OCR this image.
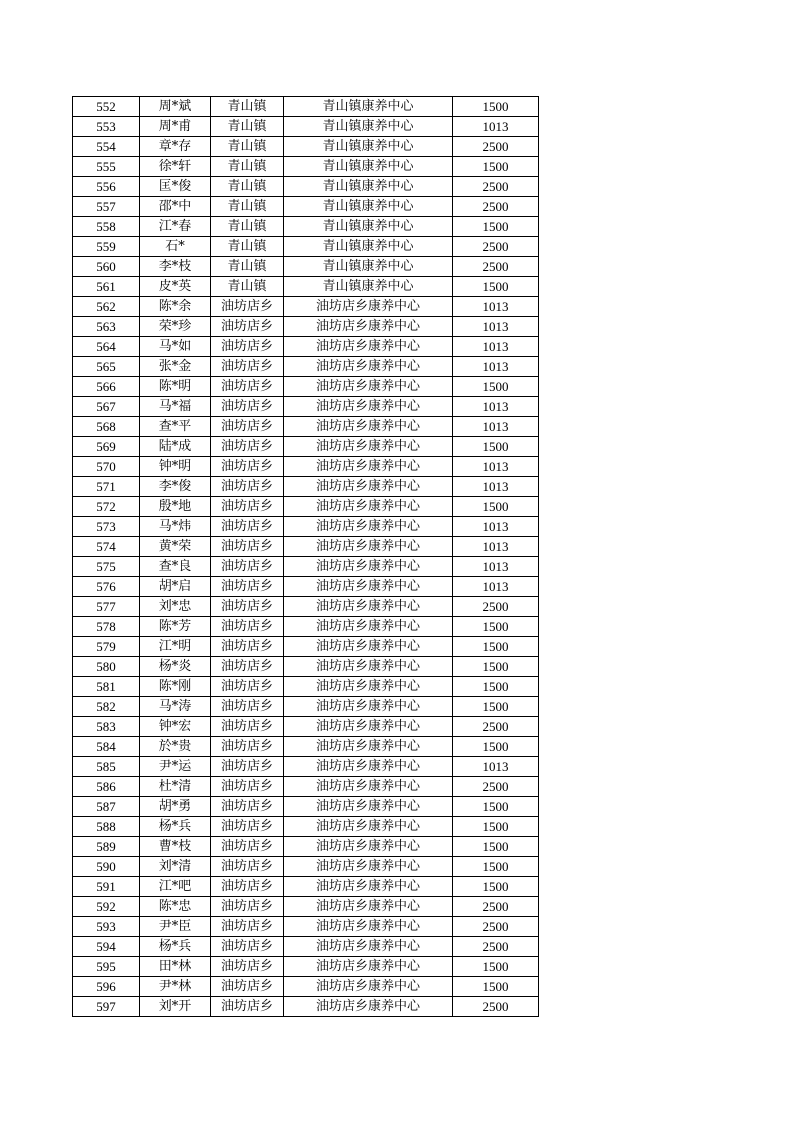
552	周*斌	青山镇	青山镇康养中心	1500
553	周*甫	青山镇	青山镇康养中心	1013
554	章*存	青山镇	青山镇康养中心	2500
555	徐*轩	青山镇	青山镇康养中心	1500
556	匡*俊	青山镇	青山镇康养中心	2500
557	邵*中	青山镇	青山镇康养中心	2500
558	江*春	青山镇	青山镇康养中心	1500
559	石*	青山镇	青山镇康养中心	2500
560	李*枝	青山镇	青山镇康养中心	2500
561	皮*英	青山镇	青山镇康养中心	1500
562	陈*余	油坊店乡	油坊店乡康养中心	1013
563	荣*珍	油坊店乡	油坊店乡康养中心	1013
564	马*如	油坊店乡	油坊店乡康养中心	1013
565	张*金	油坊店乡	油坊店乡康养中心	1013
566	陈*明	油坊店乡	油坊店乡康养中心	1500
567	马*福	油坊店乡	油坊店乡康养中心	1013
568	查*平	油坊店乡	油坊店乡康养中心	1013
569	陆*成	油坊店乡	油坊店乡康养中心	1500
570	钟*明	油坊店乡	油坊店乡康养中心	1013
571	李*俊	油坊店乡	油坊店乡康养中心	1013
572	殷*地	油坊店乡	油坊店乡康养中心	1500
573	马*炜	油坊店乡	油坊店乡康养中心	1013
574	黄*荣	油坊店乡	油坊店乡康养中心	1013
575	查*良	油坊店乡	油坊店乡康养中心	1013
576	胡*启	油坊店乡	油坊店乡康养中心	1013
577	刘*忠	油坊店乡	油坊店乡康养中心	2500
578	陈*芳	油坊店乡	油坊店乡康养中心	1500
579	江*明	油坊店乡	油坊店乡康养中心	1500
580	杨*炎	油坊店乡	油坊店乡康养中心	1500
581	陈*刚	油坊店乡	油坊店乡康养中心	1500
582	马*涛	油坊店乡	油坊店乡康养中心	1500
583	钟*宏	油坊店乡	油坊店乡康养中心	2500
584	於*贵	油坊店乡	油坊店乡康养中心	1500
585	尹*运	油坊店乡	油坊店乡康养中心	1013
586	杜*清	油坊店乡	油坊店乡康养中心	2500
587	胡*勇	油坊店乡	油坊店乡康养中心	1500
588	杨*兵	油坊店乡	油坊店乡康养中心	1500
589	曹*枝	油坊店乡	油坊店乡康养中心	1500
590	刘*清	油坊店乡	油坊店乡康养中心	1500
591	江*吧	油坊店乡	油坊店乡康养中心	1500
592	陈*忠	油坊店乡	油坊店乡康养中心	2500
593	尹*臣	油坊店乡	油坊店乡康养中心	2500
594	杨*兵	油坊店乡	油坊店乡康养中心	2500
595	田*林	油坊店乡	油坊店乡康养中心	1500
596	尹*林	油坊店乡	油坊店乡康养中心	1500
597	刘*开	油坊店乡	油坊店乡康养中心	2500
